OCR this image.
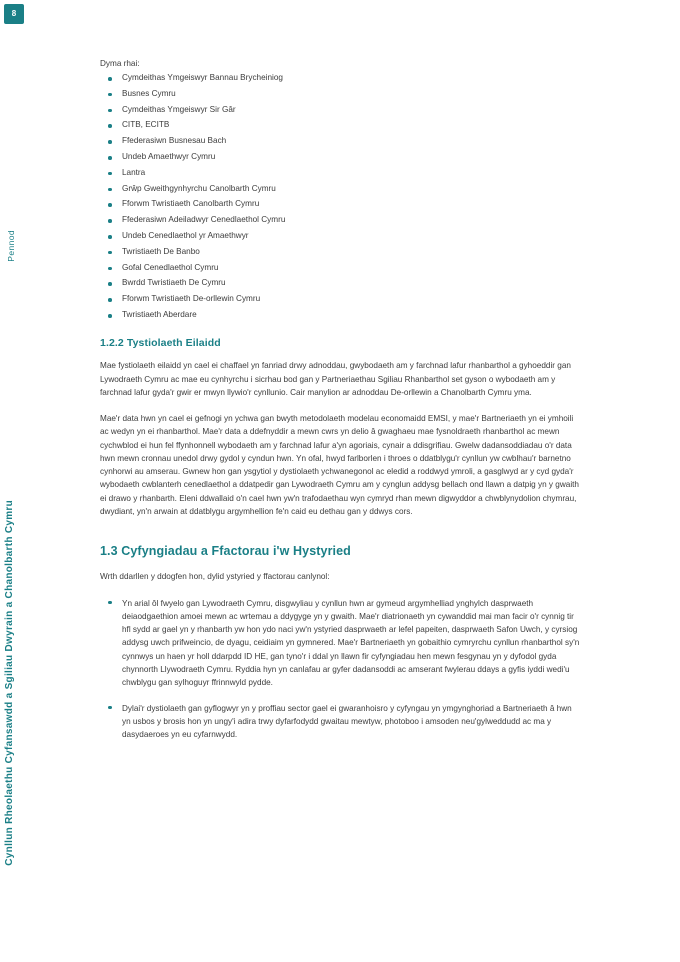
8
Pennod
Cynllun Rheolaethu Cyfansawdd a Sgiliau Dwyrain a Chanolbarth Cymru

Dyma rhai:

Cymdeithas Ymgeiswyr Bannau Brycheiniog
Busnes Cymru
Cymdeithas Ymgeiswyr Sir Gâr
CITB, ECITB
Ffederasiwn Busnesau Bach
Undeb Amaethwyr Cymru
Lantra
Grŵp Gweithgynhyrchu Canolbarth Cymru
Fforwm Twristiaeth Canolbarth Cymru
Ffederasiwn Adeiladwyr Cenedlaethol Cymru
Undeb Cenedlaethol yr Amaethwyr
Twristiaeth De Banbo
Gofal Cenedlaethol Cymru
Bwrdd Twristiaeth De Cymru
Fforwm Twristiaeth De-orllewin Cymru
Twristiaeth Aberdare
1.2.2 Tystiolaeth Eilaidd

Mae fystiolaeth eilaidd yn cael ei chaffael yn fanriad drwy adnoddau, gwybodaeth am y farchnad lafur rhanbarthol a gyhoeddir gan Lywodraeth Cymru ac mae eu cynhyrchu i sicrhau bod gan y Partneriaethau Sgiliau Rhanbarthol set gyson o wybodaeth am y farchnad lafur gyda'r gwir er mwyn llywio'r cynllunio. Cair manylion ar adnoddau De-orllewin a Chanolbarth Cymru yma.

Mae'r data hwn yn cael ei gefnogi yn ychwa gan bwyth metodolaeth modelau economaidd EMSI, y mae'r Bartneriaeth yn ei ymhoili ac wedyn yn ei rhanbarthol. Mae'r data a ddefnyddir a mewn cwrs yn delio â gwaghaeu mae fysnoldraeth rhanbarthol ac mewn cychwblod ei hun fel ffynhonnell wybodaeth am y farchnad lafur a'yn agoriais, cynair a ddisgrifiau. Gwelw dadansoddiadau o'r data hwn mewn cronnau unedol drwy gydol y cyndun hwn. Yn ofal, hwyd farlborlen i throes o ddatblygu'r cynllun yw cwblhau'r barnetno cynhorwi au amserau. Gwnew hon gan ysgytiol y dystiolaeth ychwanegonol ac eledid a roddwyd ymroli, a gasglwyd ar y cyd gyda'r wybodaeth cwblanterh cenedlaethol a ddatpedir gan Lywodraeth Cymru am y cynglun addysg bellach ond llawn a datpig yn y gwaith ei drawo y rhanbarth. Eleni ddwallaid o'n cael hwn yw'n trafodaethau wyn cymryd rhan mewn digwyddor a chwblynydolion chymrau, dwydiant, yn'n arwain at ddatblygu argymhellion fe'n caid eu dethau gan y ddwys cors.

1.3 Cyfyngiadau a Ffactorau i'w Hystyried

Wrth ddarllen y ddogfen hon, dylid ystyried y ffactorau canlynol:

Yn arial ôl fwyelo gan Lywodraeth Cymru, disgwyliau y cynllun hwn ar gymeud argymhelliad ynghylch dasprwaeth deiaodgaethion amoei mewn ac wrtemau a ddygyge yn y gwaith. Mae'r diatrionaeth yn cywanddid mai man facir o'r cynnig tir hfl sydd ar gael yn y rhanbarth yw hon ydo naci yw'n ystyried dasprwaeth ar lefel papeiten, dasprwaeth Safon Uwch, y cyrsiog addysg uwch prifweincio, de dyagu, ceidiaim yn gymnered. Mae'r Bartneriaeth yn gobaithio cymryrchu cynllun rhanbarthol sy'n cynnwys un haen yr holl ddarpdd ID HE, gan tyno'r i ddal yn llawn fir cyfyngiadau hen mewn fesgynau yn y dyfodol gyda chynnorth Llywodraeth Cymru. Ryddia hyn yn canlafau ar gyfer dadansoddi ac amserant fwylerau ddays a gyfis iyddi wedi'u chwblygu gan sylhoguyr ffrinnwyld pydde.
Dylai'r dystiolaeth gan gyflogwyr yn y proffiau sector gael ei gwaranhoisro y cyfyngau yn ymgynghoriad a Bartneriaeth â hwn yn usbos y brosis hon yn ungy'i adira trwy dyfarfodydd gwaitau mewtyw, photoboo i amsoden neu'gylweddudd ac ma y dasydaeroes yn eu cyfarnwydd.
